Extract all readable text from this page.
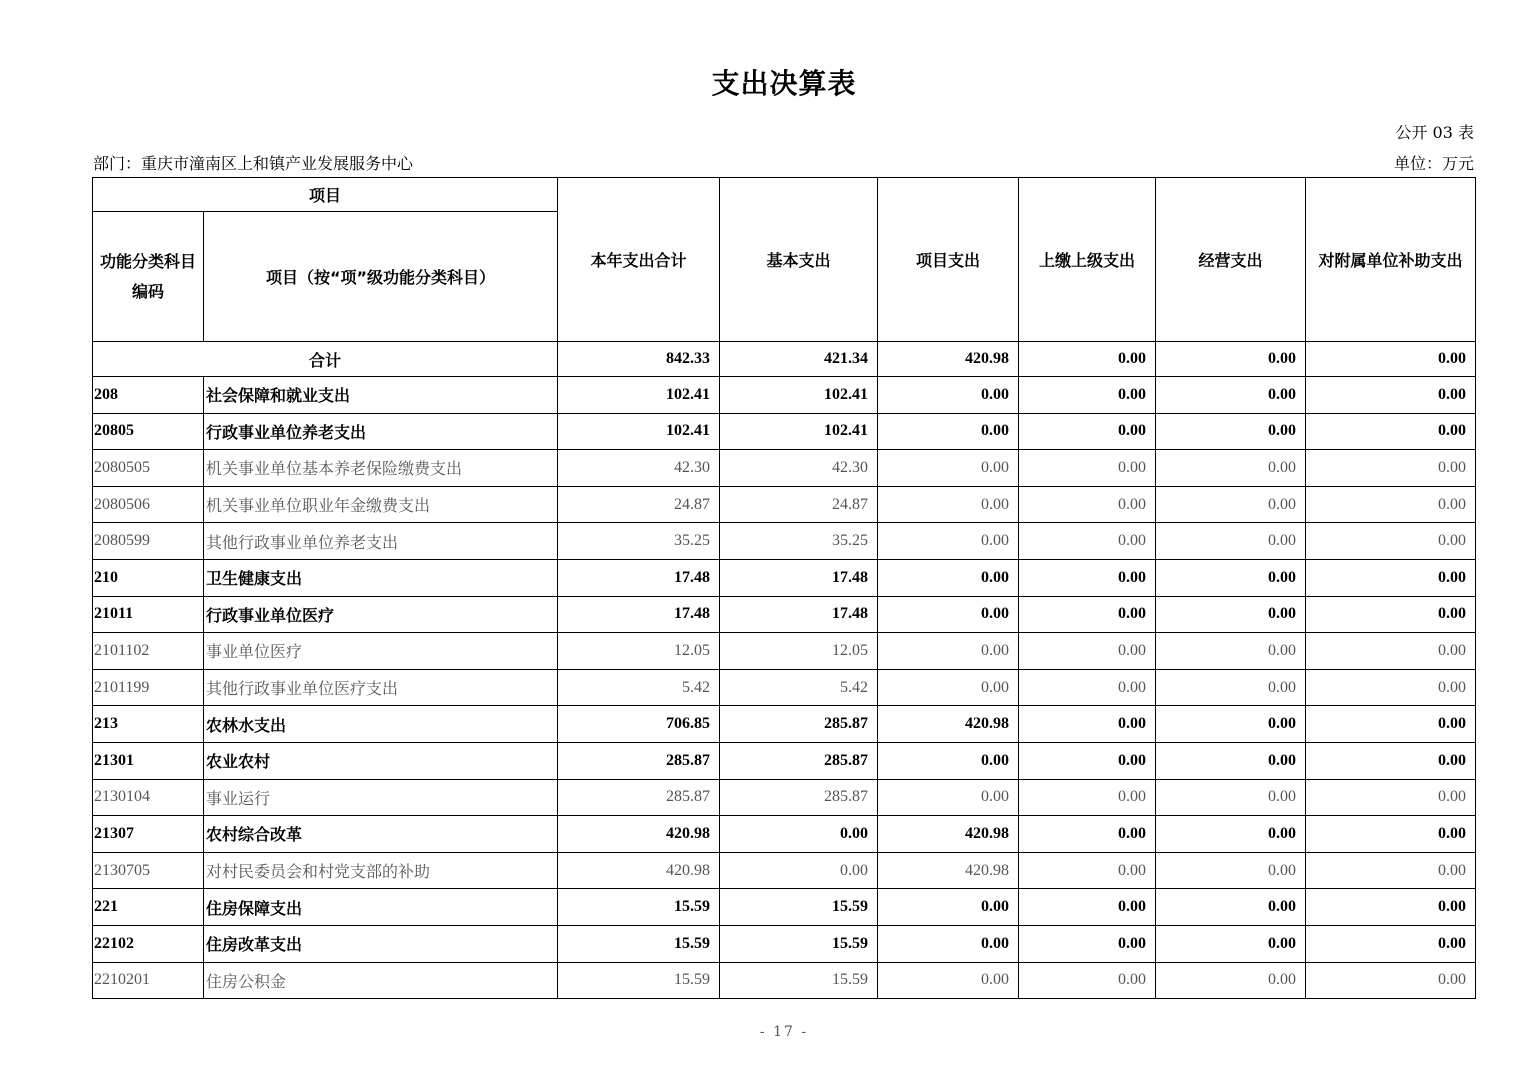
支出决算表
公开 03 表
部门：重庆市潼南区上和镇产业发展服务中心	单位：万元
项目		本年支出合计	基本支出	项目支出	上缴上级支出	经营支出	对附属单位补助支出
功能分类科目编码	项目（按“项”级功能分类科目）						
合计		842.33	421.34	420.98	0.00	0.00	0.00
208	社会保障和就业支出	102.41	102.41	0.00	0.00	0.00	0.00
20805	行政事业单位养老支出	102.41	102.41	0.00	0.00	0.00	0.00
2080505	机关事业单位基本养老保险缴费支出	42.30	42.30	0.00	0.00	0.00	0.00
2080506	机关事业单位职业年金缴费支出	24.87	24.87	0.00	0.00	0.00	0.00
2080599	其他行政事业单位养老支出	35.25	35.25	0.00	0.00	0.00	0.00
210	卫生健康支出	17.48	17.48	0.00	0.00	0.00	0.00
21011	行政事业单位医疗	17.48	17.48	0.00	0.00	0.00	0.00
2101102	事业单位医疗	12.05	12.05	0.00	0.00	0.00	0.00
2101199	其他行政事业单位医疗支出	5.42	5.42	0.00	0.00	0.00	0.00
213	农林水支出	706.85	285.87	420.98	0.00	0.00	0.00
21301	农业农村	285.87	285.87	0.00	0.00	0.00	0.00
2130104	事业运行	285.87	285.87	0.00	0.00	0.00	0.00
21307	农村综合改革	420.98	0.00	420.98	0.00	0.00	0.00
2130705	对村民委员会和村党支部的补助	420.98	0.00	420.98	0.00	0.00	0.00
221	住房保障支出	15.59	15.59	0.00	0.00	0.00	0.00
22102	住房改革支出	15.59	15.59	0.00	0.00	0.00	0.00
2210201	住房公积金	15.59	15.59	0.00	0.00	0.00	0.00
- 17 -
